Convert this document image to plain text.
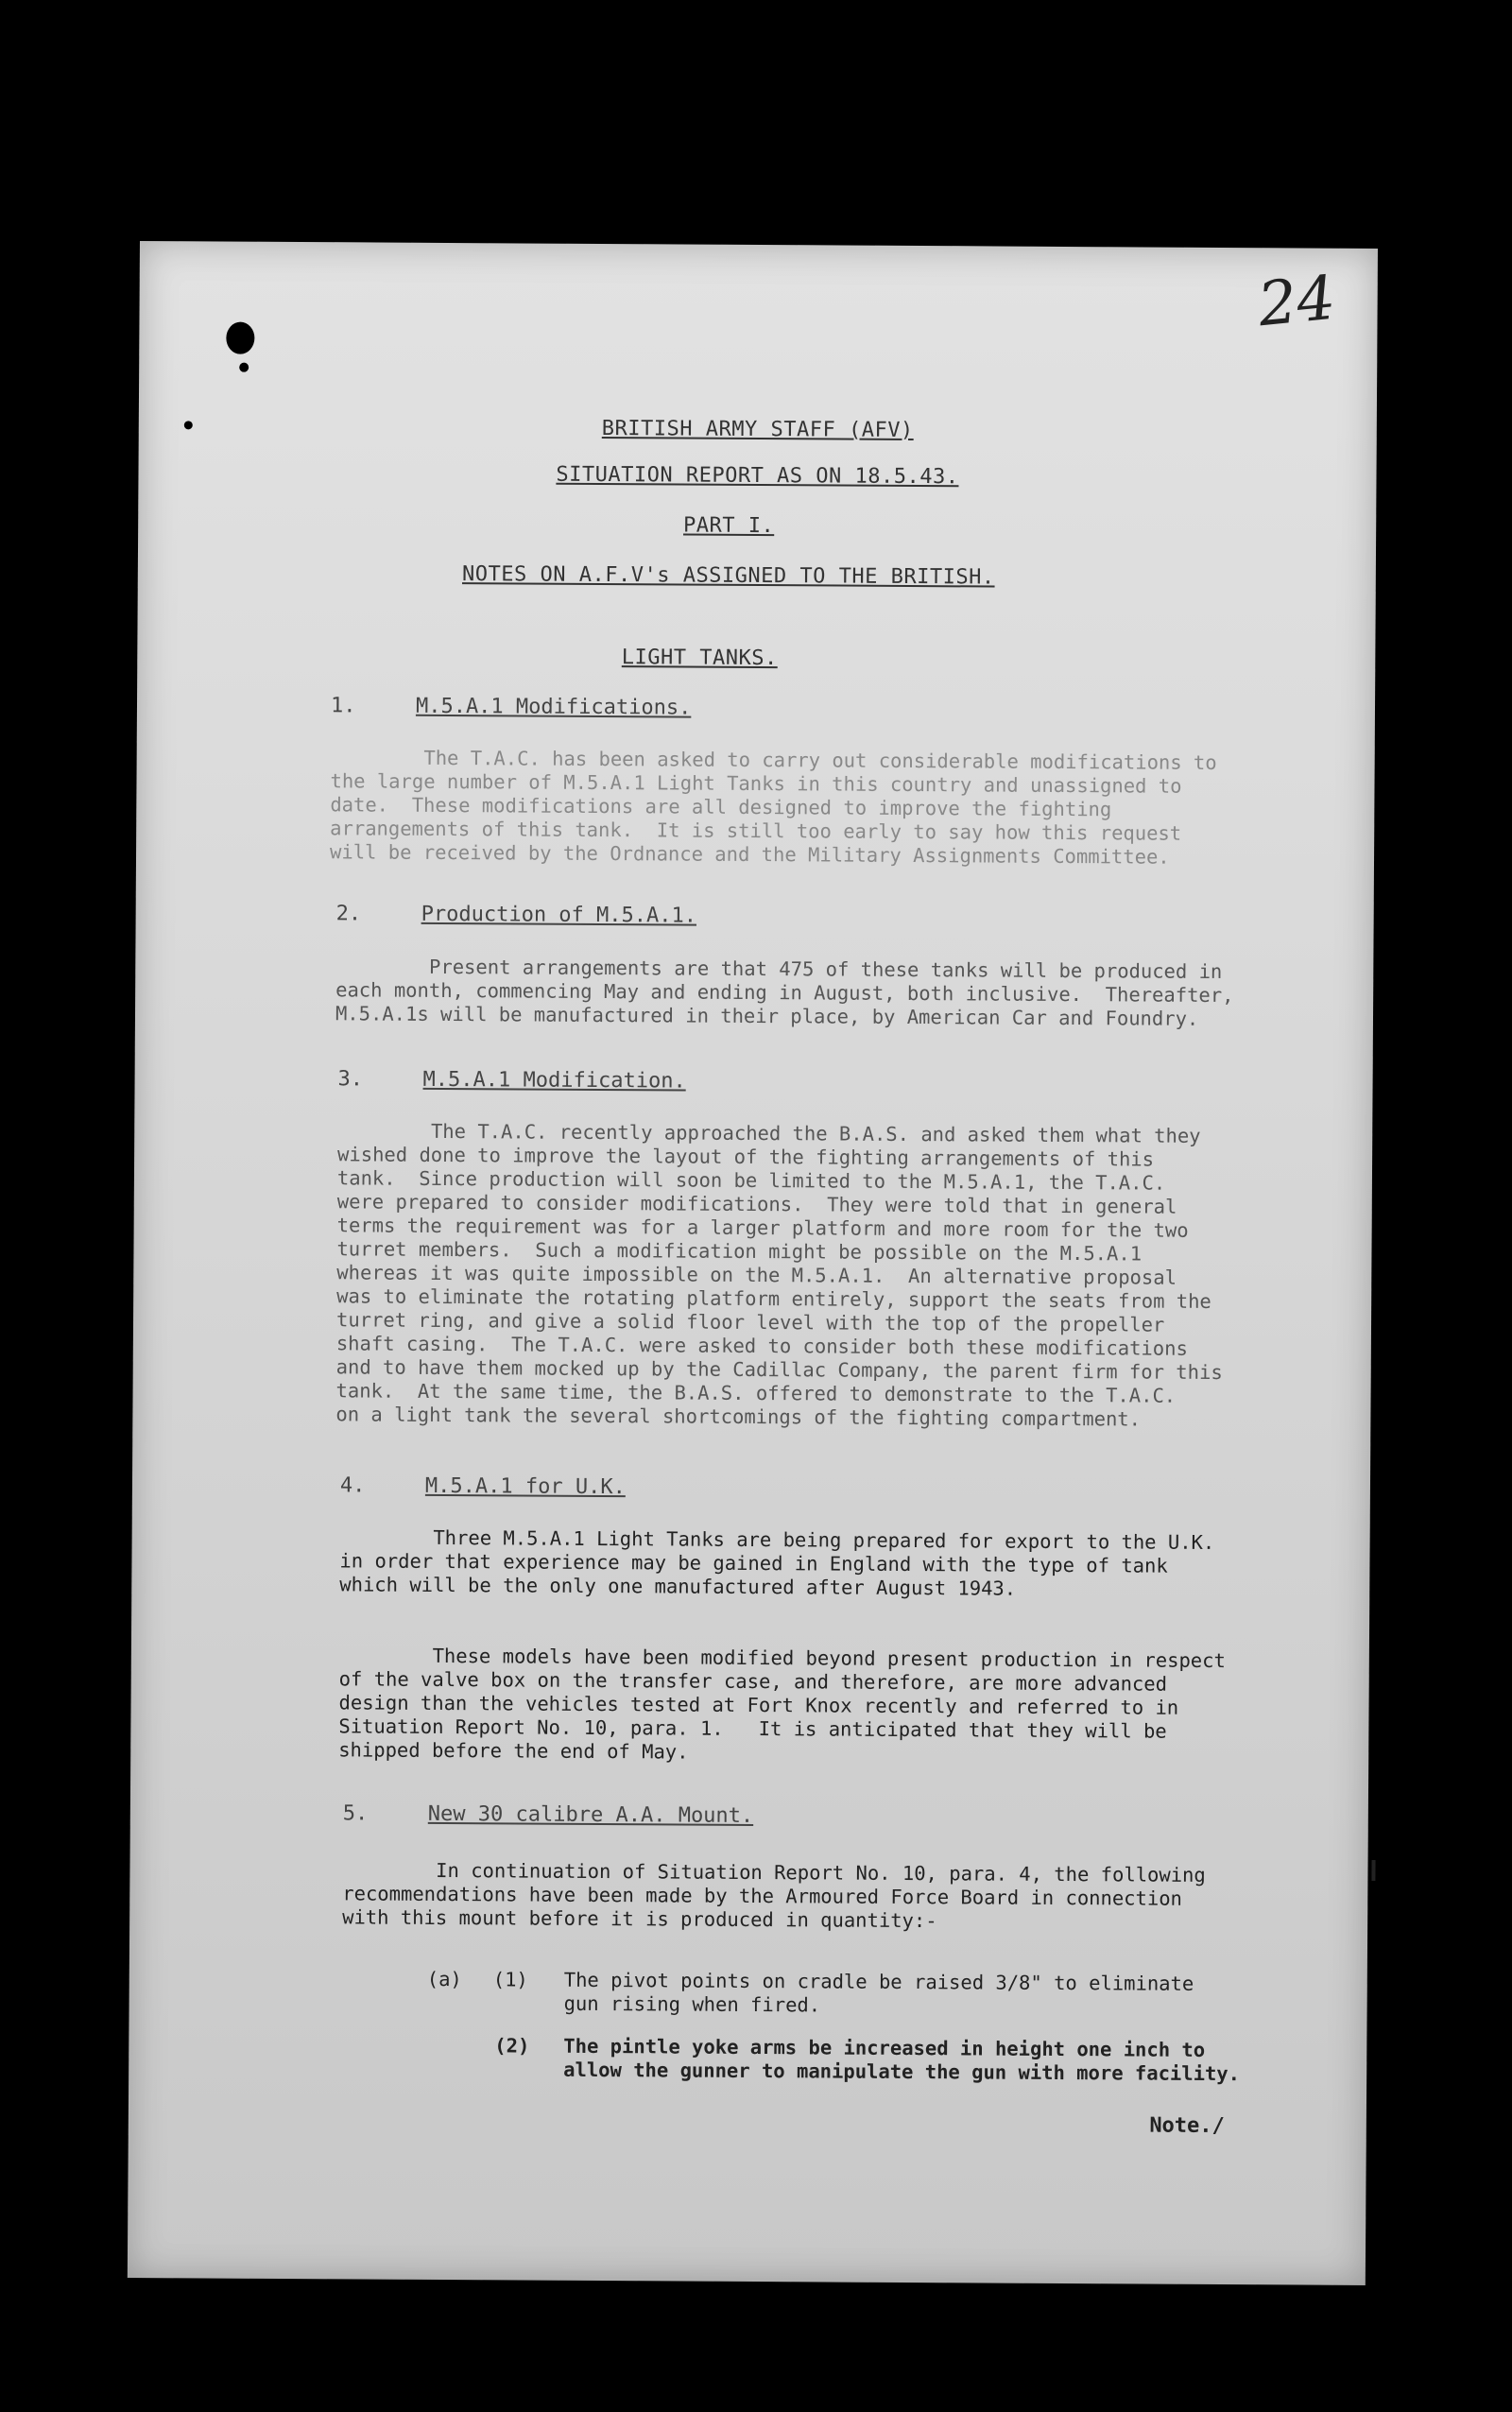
24
BRITISH ARMY STAFF (AFV)
SITUATION REPORT AS ON 18.5.43.
PART I.
NOTES ON A.F.V's ASSIGNED TO THE BRITISH.
LIGHT TANKS.
1.	M.5.A.1 Modifications.
The T.A.C. has been asked to carry out considerable modifications to
the large number of M.5.A.1 Light Tanks in this country and unassigned to
date.  These modifications are all designed to improve the fighting
arrangements of this tank.  It is still too early to say how this request
will be received by the Ordnance and the Military Assignments Committee.
2.	Production of M.5.A.1.
Present arrangements are that 475 of these tanks will be produced in
each month, commencing May and ending in August, both inclusive.  Thereafter,
M.5.A.1s will be manufactured in their place, by American Car and Foundry.
3.	M.5.A.1 Modification.
The T.A.C. recently approached the B.A.S. and asked them what they
wished done to improve the layout of the fighting arrangements of this
tank.  Since production will soon be limited to the M.5.A.1, the T.A.C.
were prepared to consider modifications.  They were told that in general
terms the requirement was for a larger platform and more room for the two
turret members.  Such a modification might be possible on the M.5.A.1
whereas it was quite impossible on the M.5.A.1.  An alternative proposal
was to eliminate the rotating platform entirely, support the seats from the
turret ring, and give a solid floor level with the top of the propeller
shaft casing.  The T.A.C. were asked to consider both these modifications
and to have them mocked up by the Cadillac Company, the parent firm for this
tank.  At the same time, the B.A.S. offered to demonstrate to the T.A.C.
on a light tank the several shortcomings of the fighting compartment.
4.	M.5.A.1 for U.K.
Three M.5.A.1 Light Tanks are being prepared for export to the U.K.
in order that experience may be gained in England with the type of tank
which will be the only one manufactured after August 1943.
These models have been modified beyond present production in respect
of the valve box on the transfer case, and therefore, are more advanced
design than the vehicles tested at Fort Knox recently and referred to in
Situation Report No. 10, para. 1.   It is anticipated that they will be
shipped before the end of May.
5.	New 30 calibre A.A. Mount.
In continuation of Situation Report No. 10, para. 4, the following
recommendations have been made by the Armoured Force Board in connection
with this mount before it is produced in quantity:-
(a) (1) The pivot points on cradle be raised 3/8" to eliminate
gun rising when fired.
(2) The pintle yoke arms be increased in height one inch to
allow the gunner to manipulate the gun with more facility.
Note./
